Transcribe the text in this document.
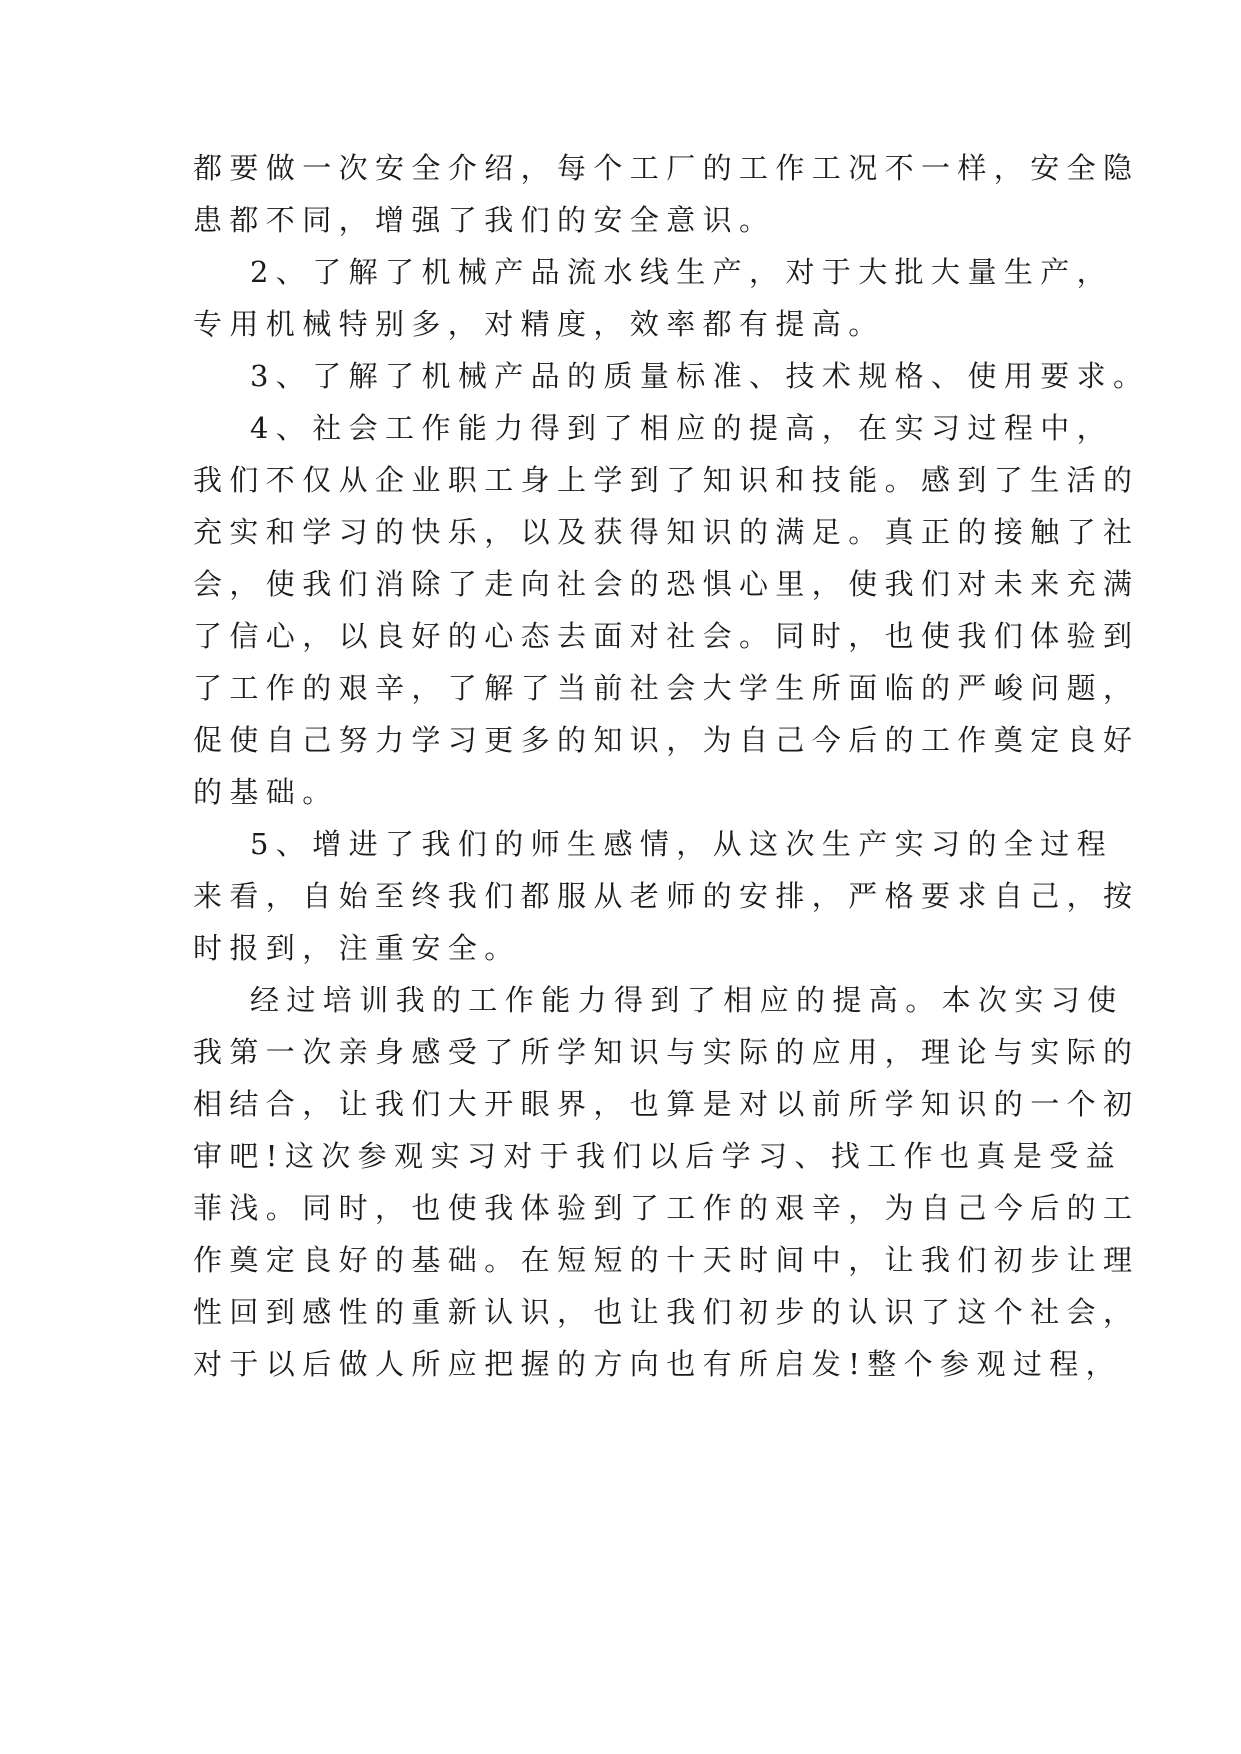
都要做一次安全介绍，每个工厂的工作工况不一样，安全隐
患都不同，增强了我们的安全意识。
2、了解了机械产品流水线生产，对于大批大量生产，
专用机械特别多，对精度，效率都有提高。
3、了解了机械产品的质量标准、技术规格、使用要求。
4、社会工作能力得到了相应的提高，在实习过程中，
我们不仅从企业职工身上学到了知识和技能。感到了生活的
充实和学习的快乐，以及获得知识的满足。真正的接触了社
会，使我们消除了走向社会的恐惧心里，使我们对未来充满
了信心，以良好的心态去面对社会。同时，也使我们体验到
了工作的艰辛，了解了当前社会大学生所面临的严峻问题，
促使自己努力学习更多的知识，为自己今后的工作奠定良好
的基础。
5、增进了我们的师生感情，从这次生产实习的全过程
来看，自始至终我们都服从老师的安排，严格要求自己，按
时报到，注重安全。
经过培训我的工作能力得到了相应的提高。本次实习使
我第一次亲身感受了所学知识与实际的应用，理论与实际的
相结合，让我们大开眼界，也算是对以前所学知识的一个初
审吧!这次参观实习对于我们以后学习、找工作也真是受益
菲浅。同时，也使我体验到了工作的艰辛，为自己今后的工
作奠定良好的基础。在短短的十天时间中，让我们初步让理
性回到感性的重新认识，也让我们初步的认识了这个社会，
对于以后做人所应把握的方向也有所启发!整个参观过程，
